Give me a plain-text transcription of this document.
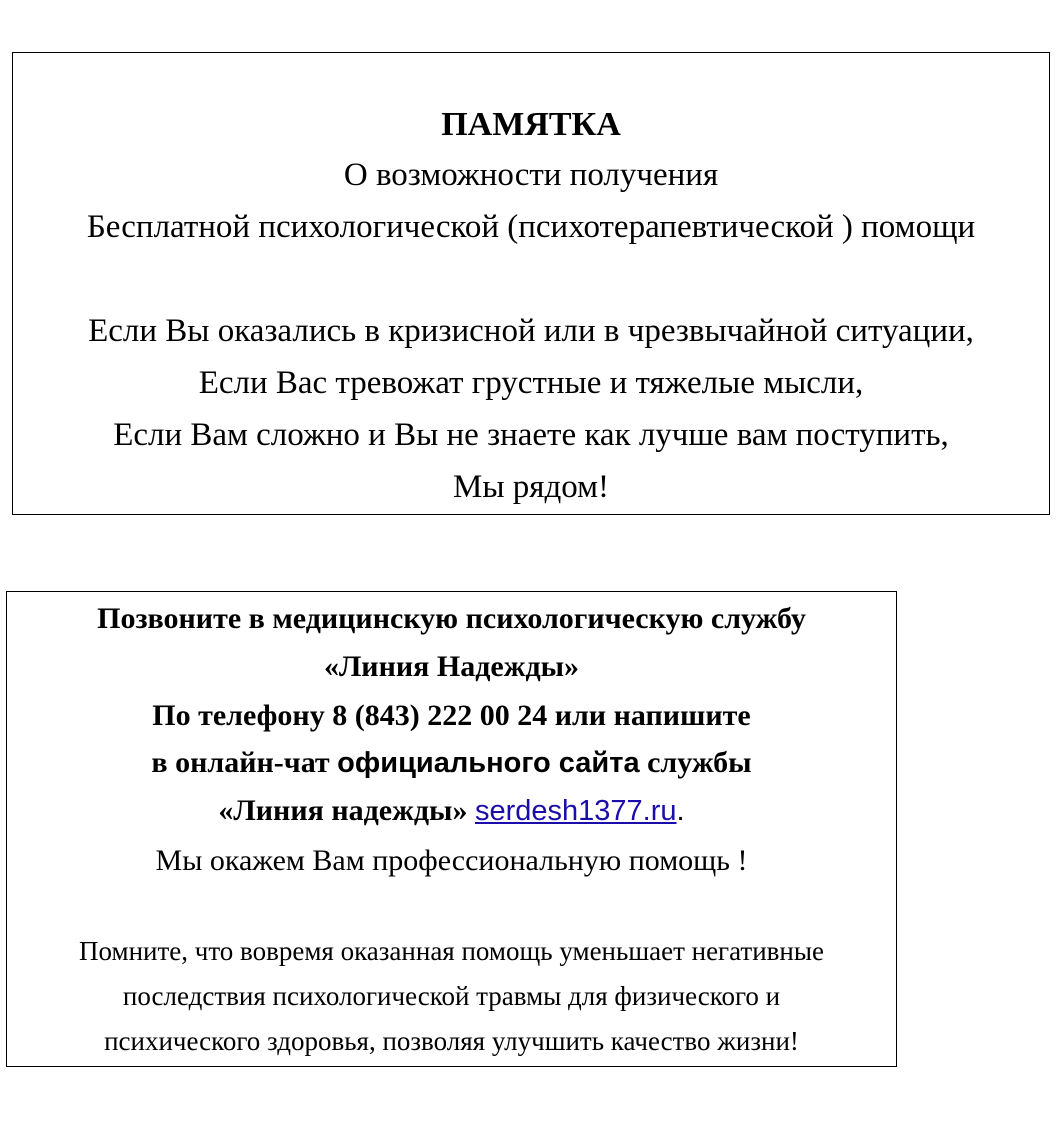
ПАМЯТКА
О возможности получения
Бесплатной психологической (психотерапевтической ) помощи
Если Вы оказались в кризисной или в чрезвычайной ситуации,
Если Вас тревожат грустные и тяжелые мысли,
Если Вам сложно и Вы не знаете как лучше вам поступить,
Мы рядом!
Позвоните в медицинскую психологическую службу
«Линия Надежды»
По телефону 8 (843) 222 00 24 или напишите
в онлайн-чат официального сайта службы
«Линия надежды» serdesh1377.ru.
Мы окажем Вам профессиональную помощь !
Помните, что вовремя оказанная помощь уменьшает негативные
последствия психологической травмы для физического и
психического здоровья, позволяя улучшить качество жизни!
